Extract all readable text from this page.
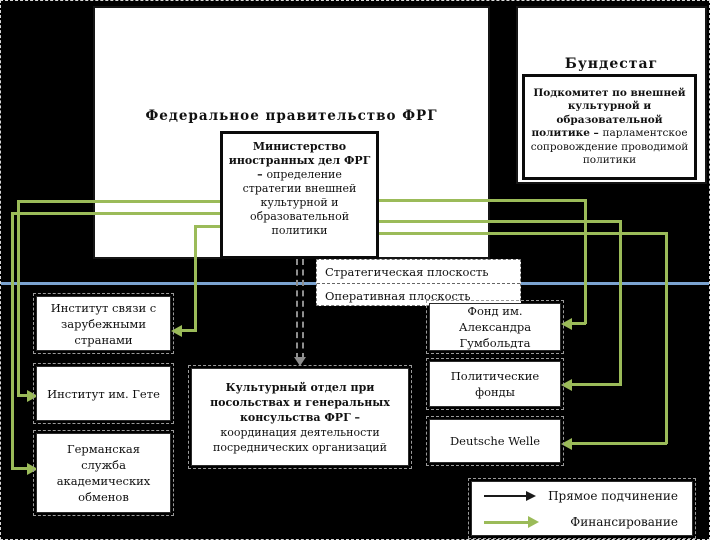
Федеральное правительство ФРГ
Бундестаг
Подкомитет по внешней культурной и образовательной политике – парламентское сопровождение проводимой политики
Министерство иностранных дел ФРГ – определение стратегии внешней культурной и образовательной политики
Стратегическая плоскость
Оперативная плоскость
Институт связи с зарубежными странами
Институт им. Гете
Германская служба академических обменов
Культурный отдел при посольствах и генеральных консульства ФРГ – координация деятельности посреднических организаций
Фонд им. Александра Гумбольдта
Политические фонды
Deutsche Welle
Прямое подчинение
Финансирование
